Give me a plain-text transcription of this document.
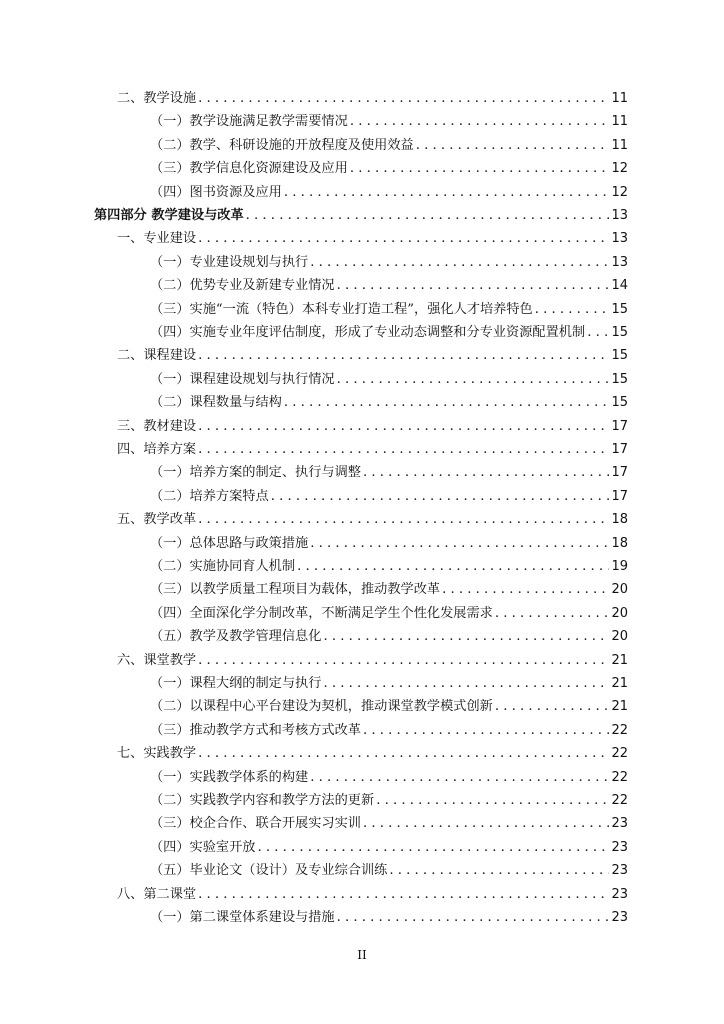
二、教学设施 . . .	11
（一）教学设施满足教学需要情况 . . .	11
（二）教学、科研设施的开放程度及使用效益 . . .	11
（三）教学信息化资源建设及应用 . . .	12
（四）图书资源及应用 . . .	12
第四部分 教学建设与改革 . . .	13
一、专业建设 . . .	13
（一）专业建设规划与执行 . . .	13
（二）优势专业及新建专业情况 . . .	14
（三）实施“一流（特色）本科专业打造工程”，强化人才培养特色 . . .	15
（四）实施专业年度评估制度，形成了专业动态调整和分专业资源配置机制 . . . 15
二、课程建设 . . .	15
（一）课程建设规划与执行情况 . . .	15
（二）课程数量与结构 . . .	15
三、教材建设 . . .	17
四、培养方案 . . .	17
（一）培养方案的制定、执行与调整 . . .	17
（二）培养方案特点 . . .	17
五、教学改革 . . .	18
（一）总体思路与政策措施 . . .	18
（二）实施协同育人机制 . . .	19
（三）以教学质量工程项目为载体，推动教学改革 . . .	20
（四）全面深化学分制改革，不断满足学生个性化发展需求 . . .	20
（五）教学及教学管理信息化 . . .	20
六、课堂教学 . . .	21
（一）课程大纲的制定与执行 . . .	21
（二）以课程中心平台建设为契机，推动课堂教学模式创新 . . .	21
（三）推动教学方式和考核方式改革 . . .	22
七、实践教学 . . .	22
（一）实践教学体系的构建 . . .	22
（二）实践教学内容和教学方法的更新 . . .	22
（三）校企合作、联合开展实习实训 . . .	23
（四）实验室开放 . . .	23
（五）毕业论文（设计）及专业综合训练 . . .	23
八、第二课堂 . . .	23
（一）第二课堂体系建设与措施 . . .	23
II
